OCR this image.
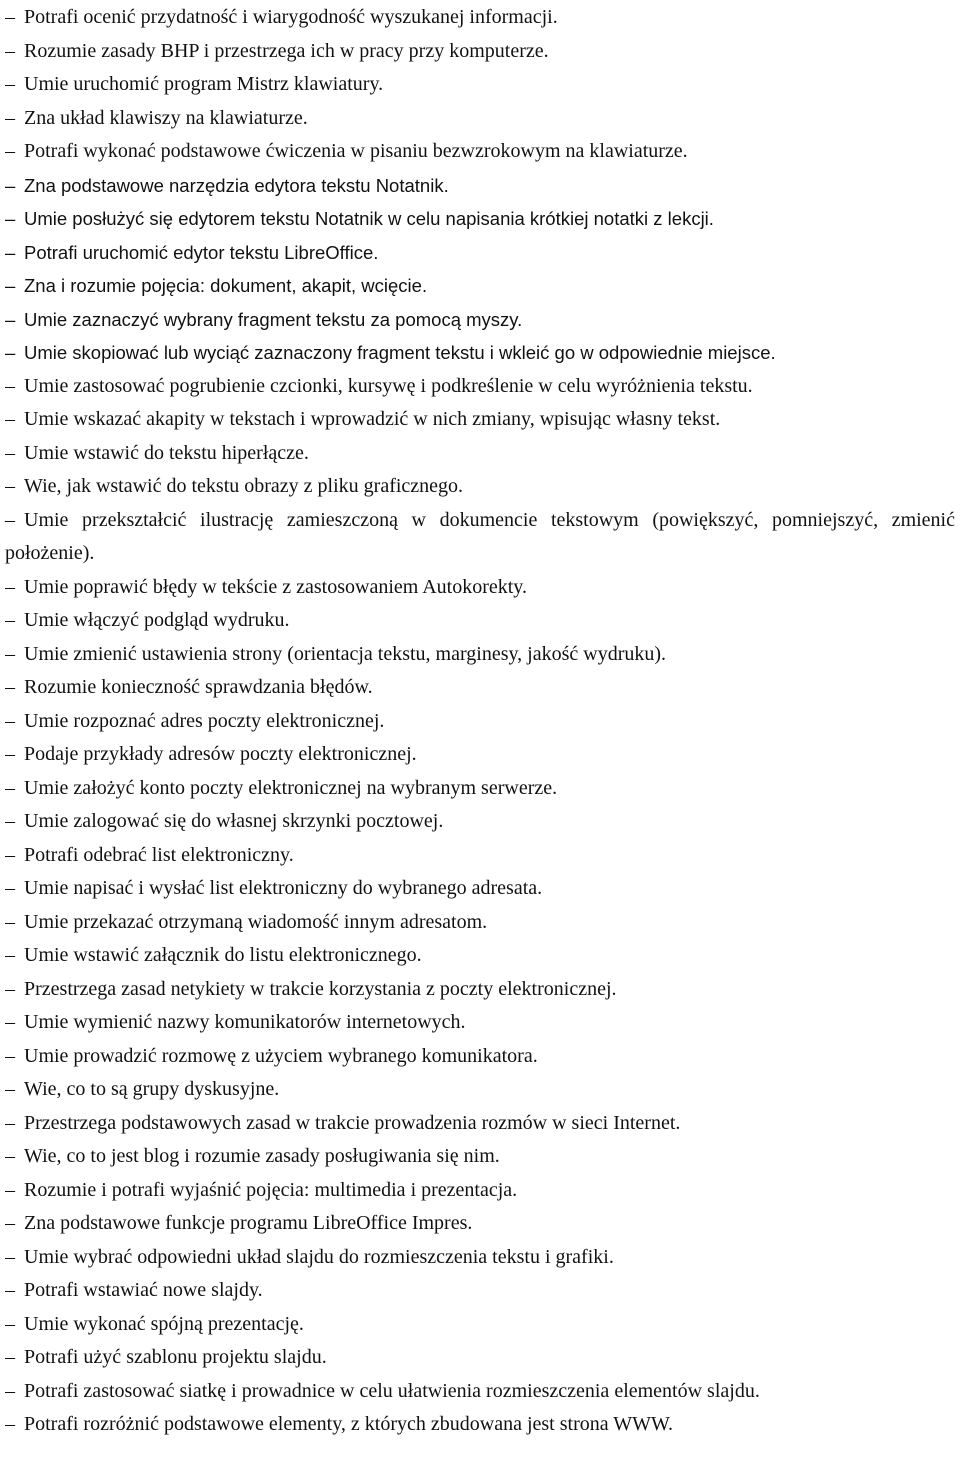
– Potrafi ocenić przydatność i wiarygodność wyszukanej informacji.
– Rozumie zasady BHP i przestrzega ich w pracy przy komputerze.
– Umie uruchomić program Mistrz klawiatury.
– Zna układ klawiszy na klawiaturze.
– Potrafi wykonać podstawowe ćwiczenia w pisaniu bezwzrokowym na klawiaturze.
– Zna podstawowe narzędzia edytora tekstu Notatnik.
– Umie posłużyć się edytorem tekstu Notatnik w celu napisania krótkiej notatki z lekcji.
– Potrafi uruchomić edytor tekstu LibreOffice.
– Zna i rozumie pojęcia: dokument, akapit, wcięcie.
– Umie zaznaczyć wybrany fragment tekstu za pomocą myszy.
– Umie skopiować lub wyciąć zaznaczony fragment tekstu i wkleić go w odpowiednie miejsce.
– Umie zastosować pogrubienie czcionki, kursywę i podkreślenie w celu wyróżnienia tekstu.
– Umie wskazać akapity w tekstach i wprowadzić w nich zmiany, wpisując własny tekst.
– Umie wstawić do tekstu hiperłącze.
– Wie, jak wstawić do tekstu obrazy z pliku graficznego.
– Umie przekształcić ilustrację zamieszczoną w dokumencie tekstowym (powiększyć, pomniejszyć, zmienić położenie).
– Umie poprawić błędy w tekście z zastosowaniem Autokorekty.
– Umie włączyć podgląd wydruku.
– Umie zmienić ustawienia strony (orientacja tekstu, marginesy, jakość wydruku).
– Rozumie konieczność sprawdzania błędów.
– Umie rozpoznać adres poczty elektronicznej.
– Podaje przykłady adresów poczty elektronicznej.
– Umie założyć konto poczty elektronicznej na wybranym serwerze.
– Umie zalogować się do własnej skrzynki pocztowej.
– Potrafi odebrać list elektroniczny.
– Umie napisać i wysłać list elektroniczny do wybranego adresata.
– Umie przekazać otrzymaną wiadomość innym adresatom.
– Umie wstawić załącznik do listu elektronicznego.
– Przestrzega zasad netykiety w trakcie korzystania z poczty elektronicznej.
– Umie wymienić nazwy komunikatorów internetowych.
– Umie prowadzić rozmowę z użyciem wybranego komunikatora.
– Wie, co to są grupy dyskusyjne.
– Przestrzega podstawowych zasad w trakcie prowadzenia rozmów w sieci Internet.
– Wie, co to jest blog i rozumie zasady posługiwania się nim.
– Rozumie i potrafi wyjaśnić pojęcia: multimedia i prezentacja.
– Zna podstawowe funkcje programu LibreOffice Impres.
– Umie wybrać odpowiedni układ slajdu do rozmieszczenia tekstu i grafiki.
– Potrafi wstawiać nowe slajdy.
– Umie wykonać spójną prezentację.
– Potrafi użyć szablonu projektu slajdu.
– Potrafi zastosować siatkę i prowadnice w celu ułatwienia rozmieszczenia elementów slajdu.
– Potrafi rozróżnić podstawowe elementy, z których zbudowana jest strona WWW.
